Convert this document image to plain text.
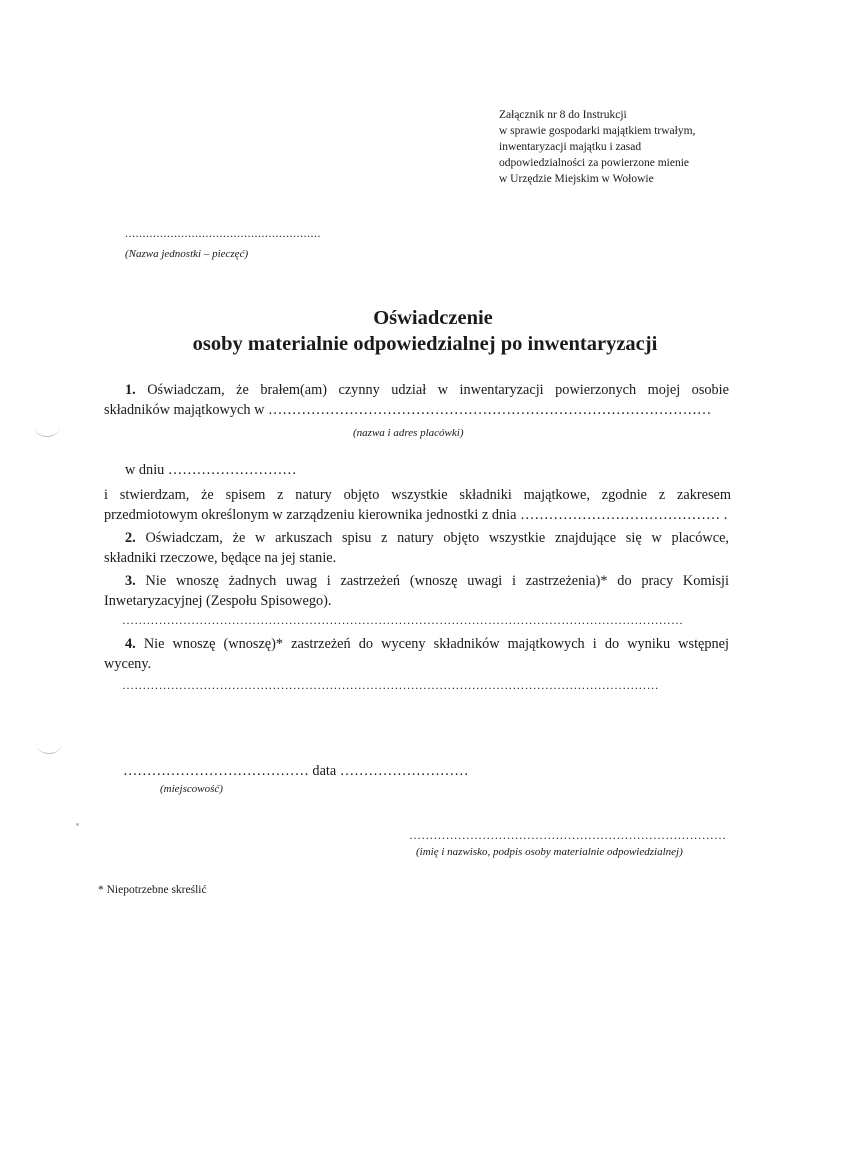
Załącznik nr 8 do Instrukcji
w sprawie gospodarki majątkiem trwałym,
inwentaryzacji majątku i zasad
odpowiedzialności za powierzone mienie
w Urzędzie Miejskim w Wołowie
........................................................
(Nazwa jednostki – pieczęć)
Oświadczenie
osoby materialnie odpowiedzialnej po inwentaryzacji
1. Oświadczam, że brałem(am) czynny udział w inwentaryzacji powierzonych mojej osobie
składników majątkowych w …………………………………………………………………………………
(nazwa i adres placówki)
w dniu ………………………
i stwierdzam, że spisem z natury objęto wszystkie składniki majątkowe, zgodnie z zakresem
przedmiotowym określonym w zarządzeniu kierownika jednostki z dnia …………………………………… .
2. Oświadczam, że w arkuszach spisu z natury objęto wszystkie znajdujące się w placówce,
składniki rzeczowe, będące na jej stanie.
3. Nie wnoszę żadnych uwag i zastrzeżeń (wnoszę uwagi i zastrzeżenia)* do pracy Komisji
Inwetaryzacyjnej (Zespołu Spisowego).
…………………………………………………………………………………………………………………………
4. Nie wnoszę (wnoszę)* zastrzeżeń do wyceny składników majątkowych i do wyniku wstępnej
wyceny.
……………………………………………………………………………………………………………………
………………………………… data ………………………
(miejscowość)
……………………………………………………………………
(imię i nazwisko, podpis osoby materialnie odpowiedzialnej)
* Niepotrzebne skreślić
